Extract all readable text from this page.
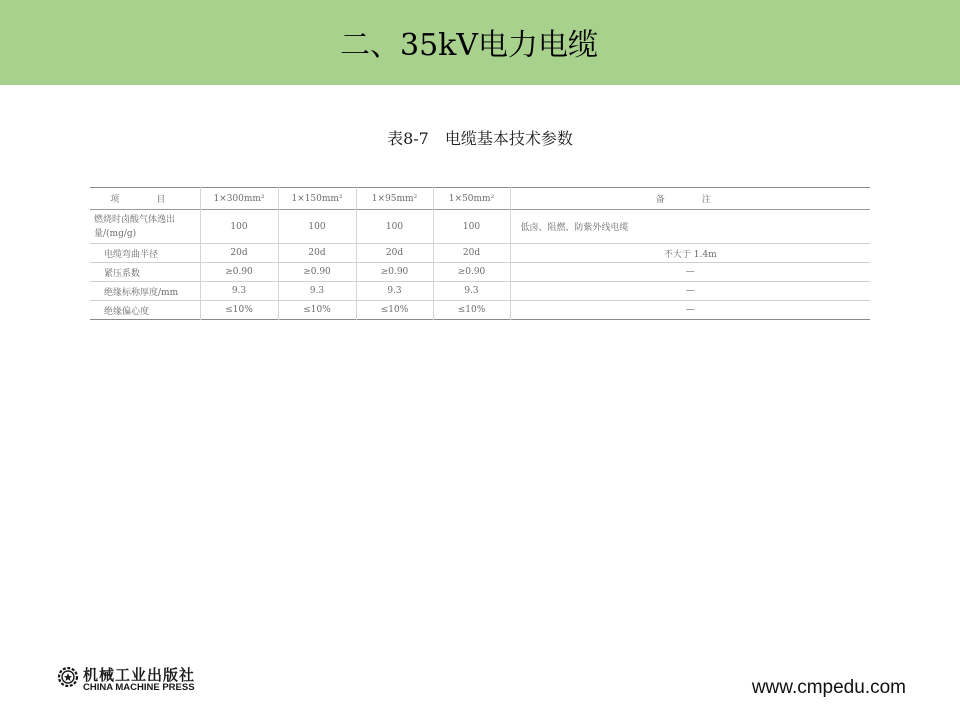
二、35kV电力电缆
表8-7 电缆基本技术参数
项　目	1×300mm²	1×150mm²	1×95mm²	1×50mm²	备　注
燃烧时卤酸气体逸出量/(mg/g)	100	100	100	100	低卤、阻燃、防紫外线电缆
电缆弯曲半径	20d	20d	20d	20d	不大于 1.4m
紧压系数	≥0.90	≥0.90	≥0.90	≥0.90	—
绝缘标称厚度/mm	9.3	9.3	9.3	9.3	—
绝缘偏心度	≤10%	≤10%	≤10%	≤10%	—
机械工业出版社
CHINA MACHINE PRESS	www.cmpedu.com
